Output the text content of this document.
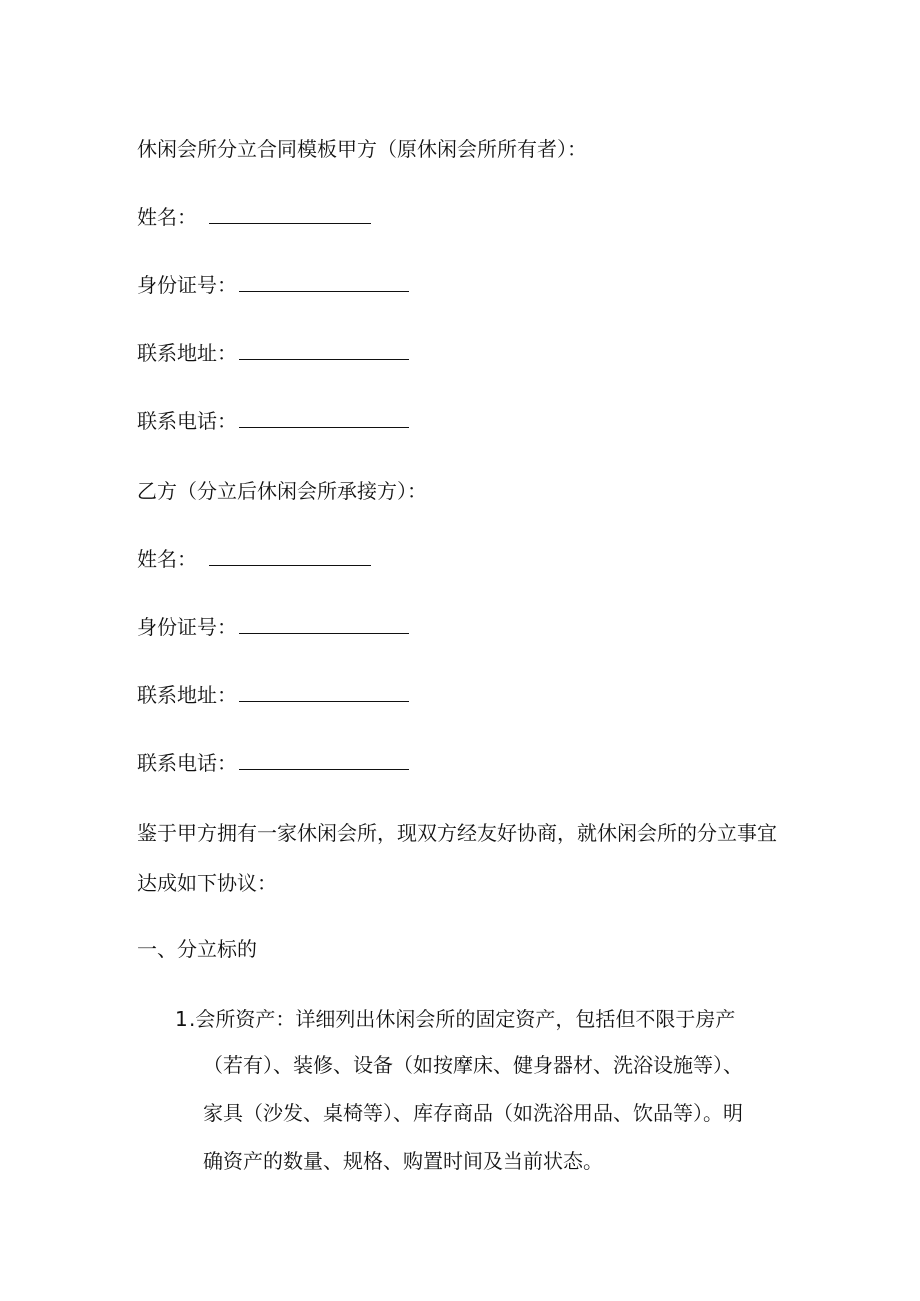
休闲会所分立合同模板甲方（原休闲会所所有者）：
姓名：
身份证号：
联系地址：
联系电话：
乙方（分立后休闲会所承接方）：
姓名：
身份证号：
联系地址：
联系电话：
鉴于甲方拥有一家休闲会所，现双方经友好协商，就休闲会所的分立事宜
达成如下协议：
一、分立标的
1 .会所资产：详细列出休闲会所的固定资产，包括但不限于房产
（若有）、装修、设备（如按摩床、健身器材、洗浴设施等）、
家具（沙发、桌椅等）、库存商品（如洗浴用品、饮品等）。明
确资产的数量、规格、购置时间及当前状态。
